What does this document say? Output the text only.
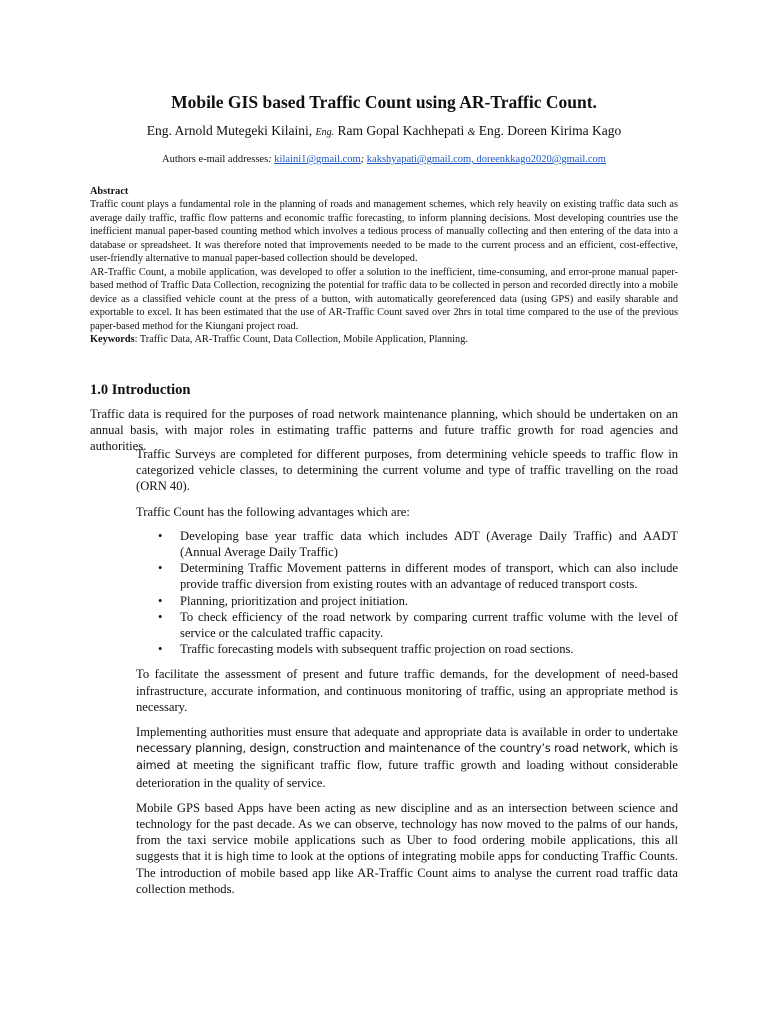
Mobile GIS based Traffic Count using AR-Traffic Count.
Eng. Arnold Mutegeki Kilaini, Eng. Ram Gopal Kachhepati & Eng. Doreen Kirima Kago
Authors e-mail addresses: kilaini1@gmail.com; kakshyapati@gmail.com, doreenkkago2020@gmail.com

Abstract

Traffic count plays a fundamental role in the planning of roads and management schemes, which rely heavily on existing traffic data such as average daily traffic, traffic flow patterns and economic traffic forecasting, to inform planning decisions. Most developing countries use the inefficient manual paper-based counting method which involves a tedious process of manually collecting and then entering of the data into a database or spreadsheet. It was therefore noted that improvements needed to be made to the current process and an efficient, cost-effective, user-friendly alternative to manual paper-based collection should be developed.

AR-Traffic Count, a mobile application, was developed to offer a solution to the inefficient, time-consuming, and error-prone manual paper-based method of Traffic Data Collection, recognizing the potential for traffic data to be collected in person and recorded directly into a mobile device as a classified vehicle count at the press of a button, with automatically georeferenced data (using GPS) and easily sharable and exportable to excel. It has been estimated that the use of AR-Traffic Count saved over 2hrs in total time compared to the use of the previous paper-based method for the Kiungani project road.

Keywords: Traffic Data, AR-Traffic Count, Data Collection, Mobile Application, Planning.

1.0 Introduction

Traffic data is required for the purposes of road network maintenance planning, which should be undertaken on an annual basis, with major roles in estimating traffic patterns and future traffic growth for road agencies and authorities.

Traffic Surveys are completed for different purposes, from determining vehicle speeds to traffic flow in categorized vehicle classes, to determining the current volume and type of traffic travelling on the road (ORN 40).

Traffic Count has the following advantages which are:

• Developing base year traffic data which includes ADT (Average Daily Traffic) and AADT (Annual Average Daily Traffic)
• Determining Traffic Movement patterns in different modes of transport, which can also include provide traffic diversion from existing routes with an advantage of reduced transport costs.
• Planning, prioritization and project initiation.
• To check efficiency of the road network by comparing current traffic volume with the level of service or the calculated traffic capacity.
• Traffic forecasting models with subsequent traffic projection on road sections.

To facilitate the assessment of present and future traffic demands, for the development of need-based infrastructure, accurate information, and continuous monitoring of traffic, using an appropriate method is necessary.

Implementing authorities must ensure that adequate and appropriate data is available in order to undertake necessary planning, design, construction and maintenance of the country’s road network, which is aimed at meeting the significant traffic flow, future traffic growth and loading without considerable deterioration in the quality of service.

Mobile GPS based Apps have been acting as new discipline and as an intersection between science and technology for the past decade. As we can observe, technology has now moved to the palms of our hands, from the taxi service mobile applications such as Uber to food ordering mobile applications, this all suggests that it is high time to look at the options of integrating mobile apps for conducting Traffic Counts. The introduction of mobile based app like AR-Traffic Count aims to analyse the current road traffic data collection methods.
